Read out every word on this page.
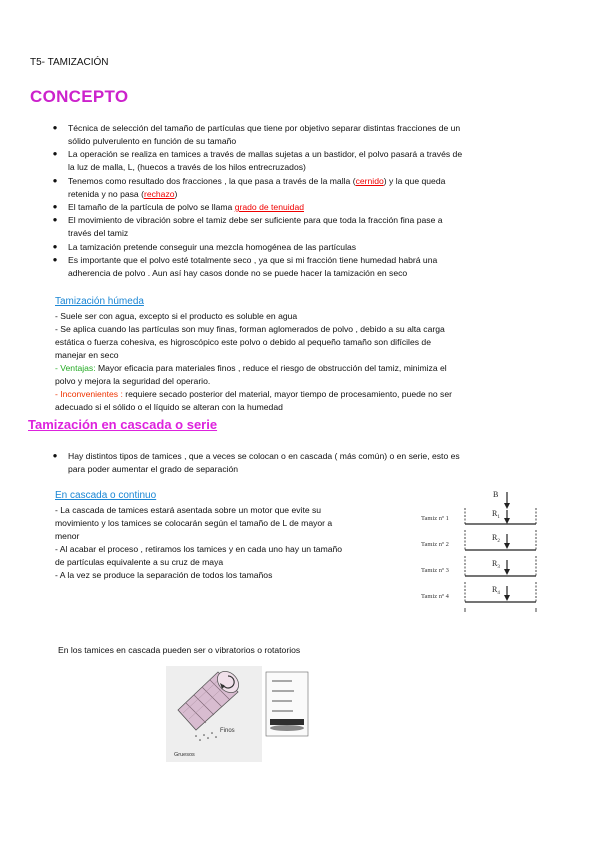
T5- TAMIZACIÓN
CONCEPTO
● Técnica de selección del tamaño de partículas que tiene por objetivo separar distintas fracciones de un
sólido pulverulento en función de su tamaño
● La operación se realiza en tamices a través de mallas sujetas a un bastidor, el polvo pasará a través de
la luz de malla, L, (huecos a través de los hilos entrecruzados)
● Tenemos como resultado dos fracciones , la que pasa a través de la malla (cernido) y la que queda
retenida y no pasa (rechazo)
● El tamaño de la partícula de polvo se llama grado de tenuidad
● El movimiento de vibración sobre el tamiz debe ser suficiente para que toda la fracción fina pase a
través del tamiz
● La tamización pretende conseguir una mezcla homogénea de las partículas
● Es importante que el polvo esté totalmente seco , ya que si mi fracción tiene humedad habrá una
adherencia de polvo . Aun así hay casos donde no se puede hacer la tamización en seco
Tamización húmeda
- Suele ser con agua, excepto si el producto es soluble en agua
- Se aplica cuando las partículas son muy finas, forman aglomerados de polvo , debido a su alta carga
estática o fuerza cohesiva, es higroscópico este polvo o debido al pequeño tamaño son difíciles de
manejar en seco
- Ventajas: Mayor eficacia para materiales finos , reduce el riesgo de obstrucción del tamiz, minimiza el
polvo y mejora la seguridad del operario.
- Inconvenientes : requiere secado posterior del material, mayor tiempo de procesamiento, puede no ser
adecuado si el sólido o el líquido se alteran con la humedad
Tamización en cascada o serie
● Hay distintos tipos de tamices , que a veces se colocan o en cascada ( más común) o en serie, esto es
para poder aumentar el grado de separación
En cascada o continuo
- La cascada de tamices estará asentada sobre un motor que evite su
movimiento y los tamices se colocarán según el tamaño de L de mayor a
menor
- Al acabar el proceso , retiramos los tamices y en cada uno hay un tamaño
de partículas equivalente a su cruz de maya
- A la vez se produce la separación de todos los tamaños
B
Tamiz nº 1
$R_1$
Tamiz nº 2
$R_2$
Tamiz nº 3
$R_3$
Tamiz nº 4
$R_4$
En los tamices en cascada pueden ser o vibratorios o rotatorios
Finos
Gruesos
